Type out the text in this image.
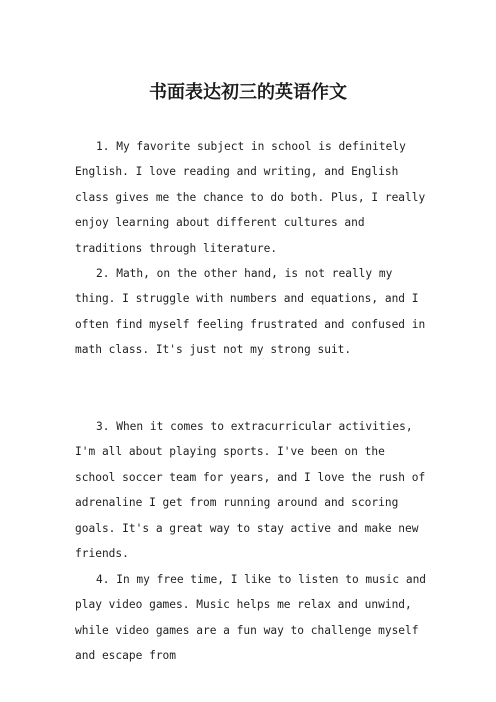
书面表达初三的英语作文

1. My favorite subject in school is definitely English. I love reading and writing, and English class gives me the chance to do both. Plus, I really enjoy learning about different cultures and traditions through literature.

2. Math, on the other hand, is not really my thing. I struggle with numbers and equations, and I often find myself feeling frustrated and confused in math class. It's just not my strong suit.

3. When it comes to extracurricular activities, I'm all about playing sports. I've been on the school soccer team for years, and I love the rush of adrenaline I get from running around and scoring goals. It's a great way to stay active and make new friends.

4. In my free time, I like to listen to music and play video games. Music helps me relax and unwind, while video games are a fun way to challenge myself and escape from
